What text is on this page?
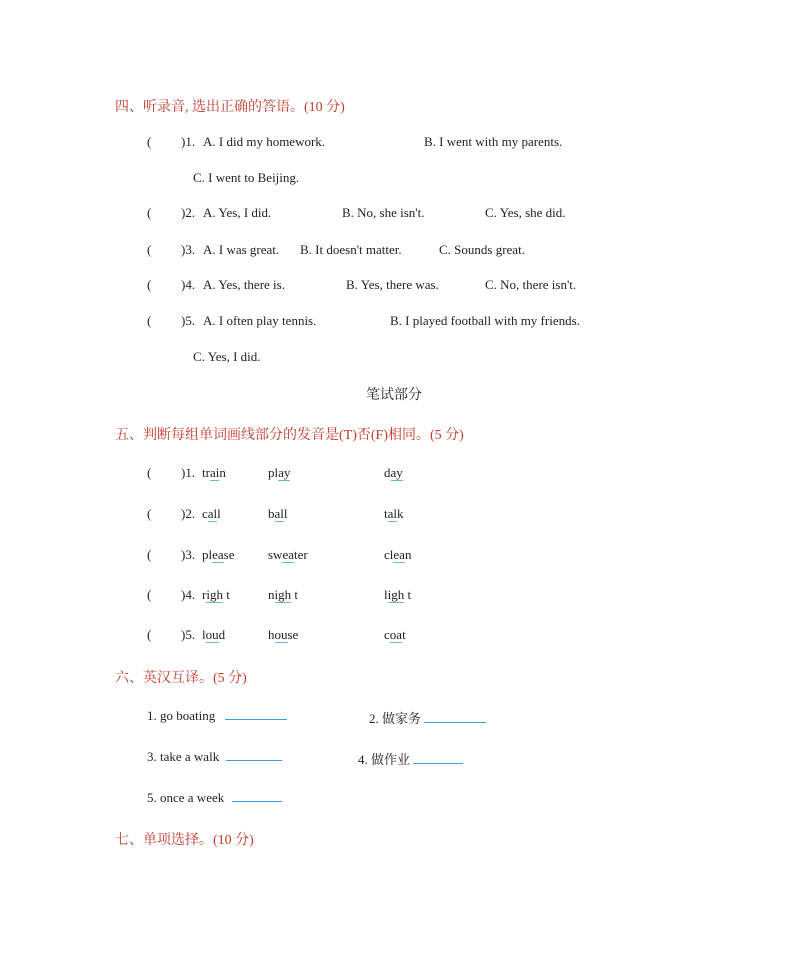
四、听录音, 选出正确的答语。(10 分)
( )1. A. I did my homework.	B. I went with my parents.
C. I went to Beijing.
( )2. A. Yes, I did.	B. No, she isn't.	C. Yes, she did.
( )3. A. I was great. B. It doesn't matter.	C. Sounds great.
( )4. A. Yes, there is.	B. Yes, there was.	C. No, there isn't.
( )5. A. I often play tennis.	B. I played football with my friends.
C. Yes, I did.
笔试部分
五、判断每组单词画线部分的发音是(T)否(F)相同。(5 分)
( )1. train	play	day
( )2. call	ball	talk
( )3. please	sweater	clean
( )4. righ t	nigh t	ligh t
( )5. loud	house	coat
六、英汉互译。(5 分)
1. go boating	2. 做家务
3. take a walk	4. 做作业
5. once a week
七、单项选择。(10 分)
